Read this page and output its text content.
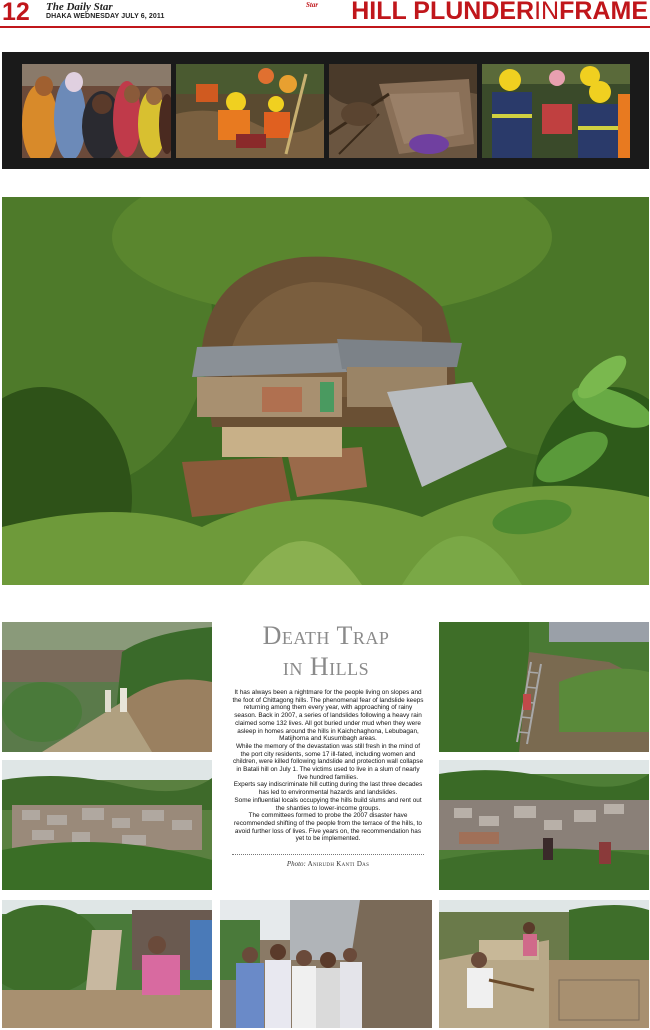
12 The Daily Star
DHAKA WEDNESDAY JULY 6, 2011
Star HILL PLUNDERINFRAME
Death Trap
in Hills

It has always been a nightmare for the people living on slopes and the foot of Chittagong hills. The phenomenal fear of landslide keeps returning among them every year, with approaching of rainy season. Back in 2007, a series of landslides following a heavy rain claimed some 132 lives. All got buried under mud when they were asleep in homes around the hills in Kaichchaghona, Lebubagan, Matijhorna and Kusumbagh areas.

While the memory of the devastation was still fresh in the mind of the port city residents, some 17 ill-fated, including women and children, were killed following landslide and protection wall collapse in Batali hill on July 1. The victims used to live in a slum of nearly five hundred families.

Experts say indiscriminate hill cutting during the last three decades has led to environmental hazards and landslides.

Some influential locals occupying the hills build slums and rent out the shanties to lower-income groups.

The committees formed to probe the 2007 disaster have recommended shifting of the people from the terrace of the hills, to avoid further loss of lives. Five years on, the recommendation has yet to be implemented.

Photo: Anirudh Kanti Das
